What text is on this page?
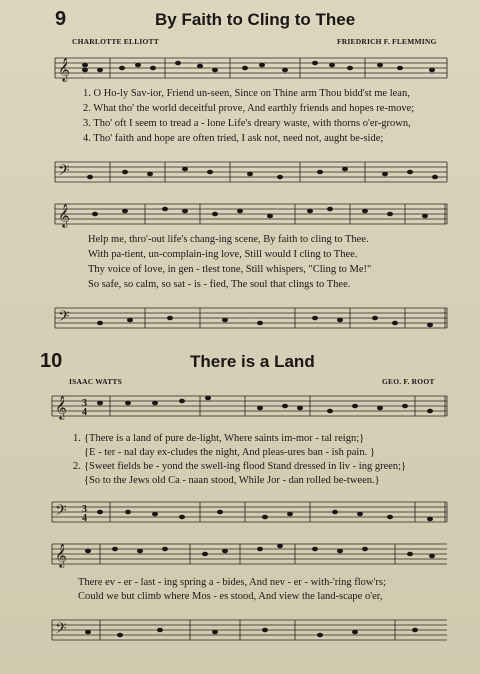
9	By Faith to Cling to Thee
CHARLOTTE ELLIOTT	FRIEDRICH F. FLEMMING
𝄞
1. O Ho-ly Sav-ior, Friend un-seen, Since on Thine arm Thou bidd'st me lean,
2. What tho' the world deceitful prove, And earthly friends and hopes re-move;
3. Tho' oft I seem to tread a - lone Life's dreary waste, with thorns o'er-grown,
4. Tho' faith and hope are often tried, I ask not, need not, aught be-side;
𝄢
𝄞
Help me, thro'-out life's chang-ing scene, By faith to cling to Thee.
With pa-tient, un-complain-ing love, Still would I cling to Thee.
Thy voice of love, in gen - tlest tone, Still whispers, "Cling to Me!"
So safe, so calm, so sat - is - fied, The soul that clings to Thee.
𝄢
10	There is a Land
ISAAC WATTS	GEO. F. ROOT
𝄞 3
4
1. {There is a land of pure de-light, Where saints im-mor - tal reign;}
{E - ter - nal day ex-cludes the night, And pleas-ures ban - ish pain. }
2. {Sweet fields be - yond the swell-ing flood Stand dressed in liv - ing green;}
{So to the Jews old Ca - naan stood, While Jor - dan rolled be-tween.}
𝄢 3
4
𝄞
There ev - er - last - ing spring a - bides, And nev - er - with-'ring flow'rs;
Could we but climb where Mos - es stood, And view the land-scape o'er,
𝄢
